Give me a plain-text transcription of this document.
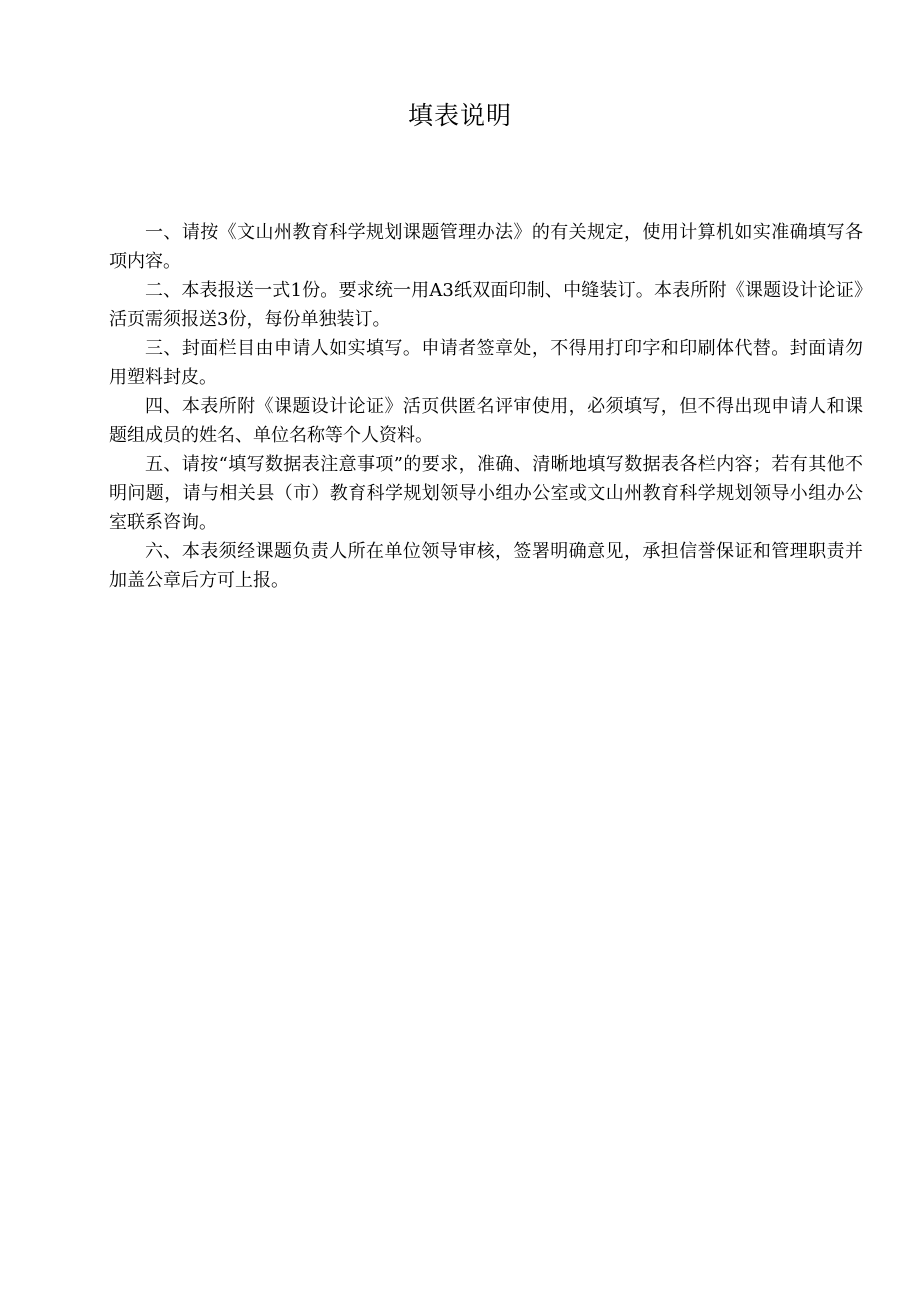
填表说明

一、请按《文山州教育科学规划课题管理办法》的有关规定，使用计算机如实准确填写各项内容。

二、本表报送一式1份。要求统一用A3纸双面印制、中缝装订。本表所附《课题设计论证》活页需须报送3份，每份单独装订。

三、封面栏目由申请人如实填写。申请者签章处，不得用打印字和印刷体代替。封面请勿用塑料封皮。

四、本表所附《课题设计论证》活页供匿名评审使用，必须填写，但不得出现申请人和课题组成员的姓名、单位名称等个人资料。

五、请按“填写数据表注意事项”的要求，准确、清晰地填写数据表各栏内容；若有其他不明问题，请与相关县（市）教育科学规划领导小组办公室或文山州教育科学规划领导小组办公室联系咨询。

六、本表须经课题负责人所在单位领导审核，签署明确意见，承担信誉保证和管理职责并加盖公章后方可上报。
